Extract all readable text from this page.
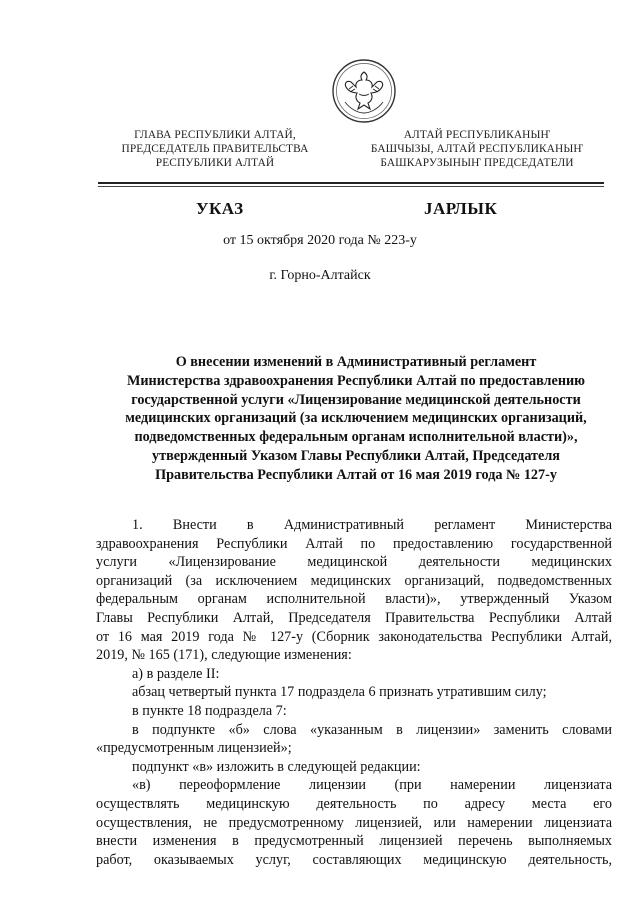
ГЛАВА РЕСПУБЛИКИ АЛТАЙ,
ПРЕДСЕДАТЕЛЬ ПРАВИТЕЛЬСТВА
РЕСПУБЛИКИ АЛТАЙ
АЛТАЙ РЕСПУБЛИКАНЫҤ
БАШЧЫЗЫ, АЛТАЙ РЕСПУБЛИКАНЫҤ
БАШКАРУЗЫНЫҤ ПРЕДСЕДАТЕЛИ
УКАЗ	ЈАРЛЫК
от 15 октября 2020 года № 223-у
г. Горно-Алтайск
О внесении изменений в Административный регламент
Министерства здравоохранения Республики Алтай по предоставлению
государственной услуги «Лицензирование медицинской деятельности
медицинских организаций (за исключением медицинских организаций,
подведомственных федеральным органам исполнительной власти)»,
утвержденный Указом Главы Республики Алтай, Председателя
Правительства Республики Алтай от 16 мая 2019 года № 127-у
1. Внести в Административный регламент Министерства
здравоохранения Республики Алтай по предоставлению государственной
услуги «Лицензирование медицинской деятельности медицинских
организаций (за исключением медицинских организаций, подведомственных
федеральным органам исполнительной власти)», утвержденный Указом
Главы Республики Алтай, Председателя Правительства Республики Алтай
от 16 мая 2019 года № 127-у (Сборник законодательства Республики Алтай,
2019, № 165 (171), следующие изменения:
а) в разделе II:
абзац четвертый пункта 17 подраздела 6 признать утратившим силу;
в пункте 18 подраздела 7:
в подпункте «б» слова «указанным в лицензии» заменить словами
«предусмотренным лицензией»;
подпункт «в» изложить в следующей редакции:
«в) переоформление лицензии (при намерении лицензиата
осуществлять медицинскую деятельность по адресу места его
осуществления, не предусмотренному лицензией, или намерении лицензиата
внести изменения в предусмотренный лицензией перечень выполняемых
работ, оказываемых услуг, составляющих медицинскую деятельность,
